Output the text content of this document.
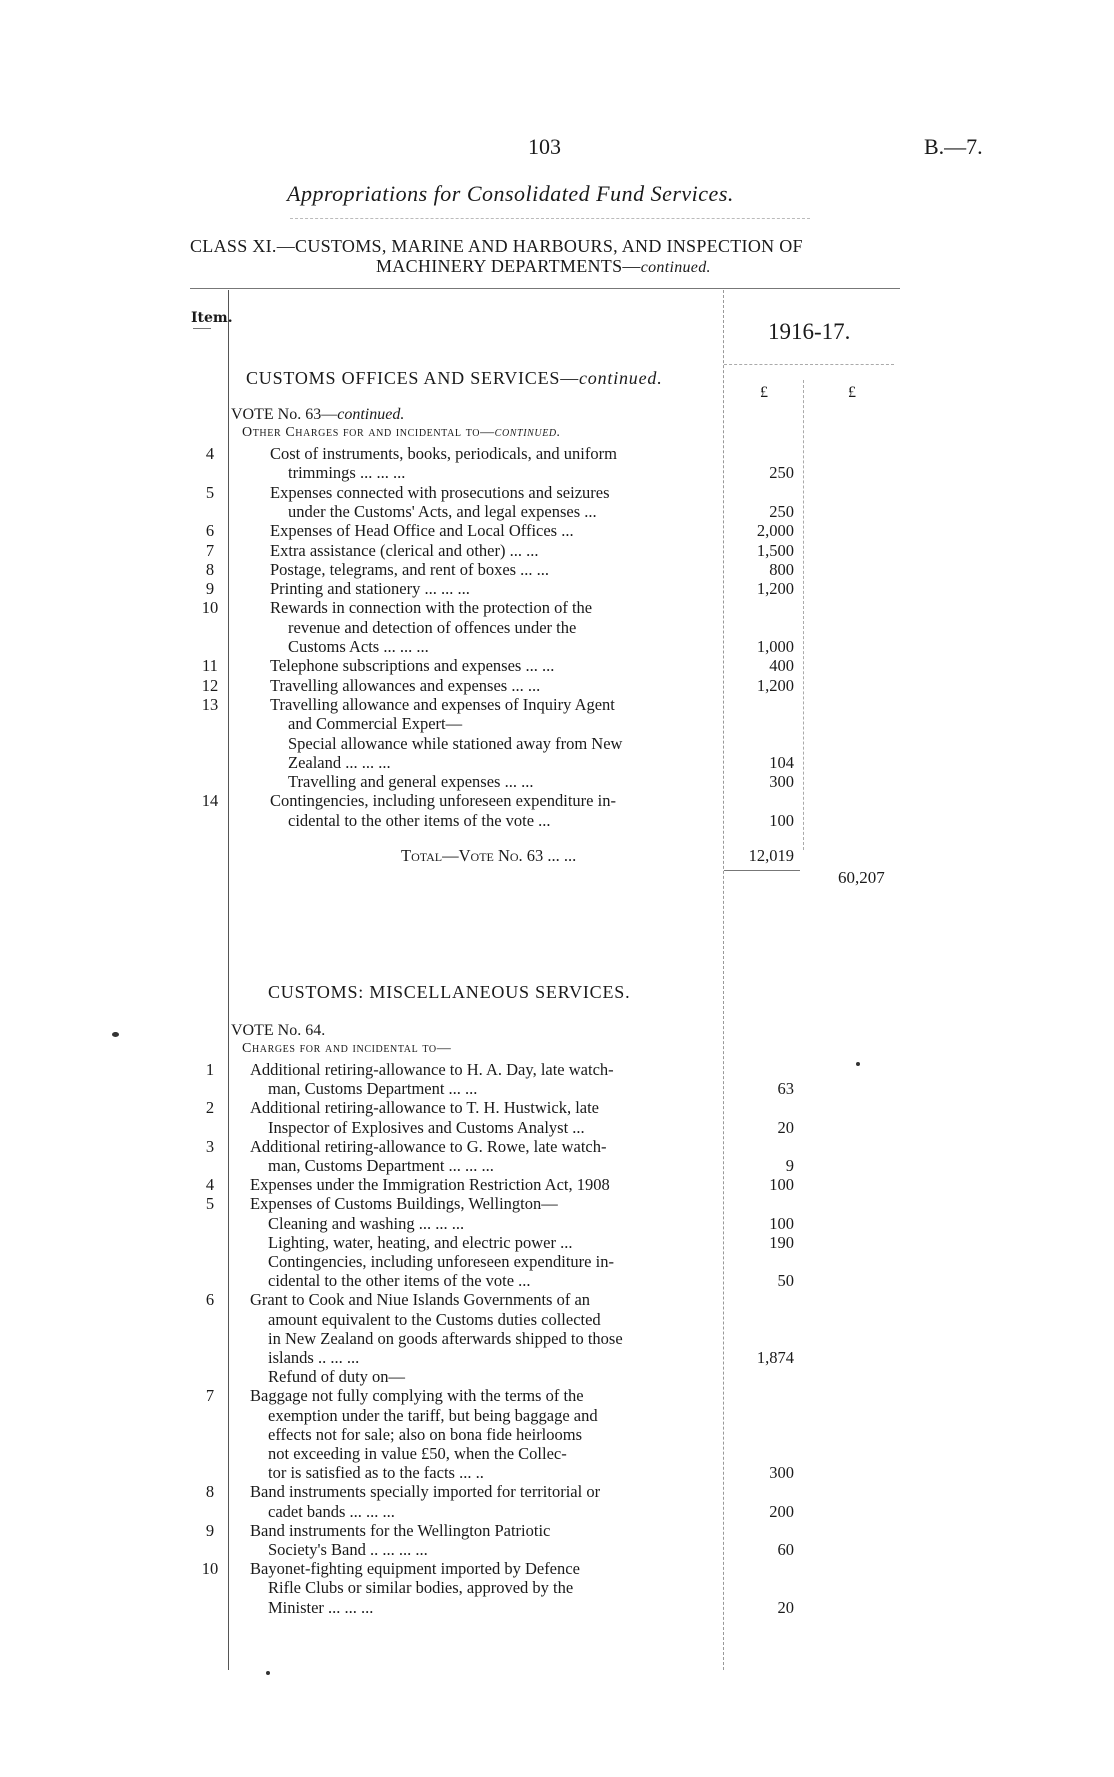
103	B.—7.
Appropriations for Consolidated Fund Services.
CLASS XI.—CUSTOMS, MARINE AND HARBOURS, AND INSPECTION OF
MACHINERY DEPARTMENTS—continued.
Item.
1916-17.
£	£
CUSTOMS OFFICES AND SERVICES—continued.
VOTE No. 63—continued.
Other Charges for and incidental to—continued.
4	Cost of instruments, books, periodicals, and uniform
trimmings ... ... ...	250
5	Expenses connected with prosecutions and seizures
under the Customs' Acts, and legal expenses ...	250
6	Expenses of Head Office and Local Offices ...	2,000
7	Extra assistance (clerical and other) ... ...	1,500
8	Postage, telegrams, and rent of boxes ... ...	800
9	Printing and stationery ... ... ...	1,200
10	Rewards in connection with the protection of the
revenue and detection of offences under the
Customs Acts ... ... ...	1,000
11	Telephone subscriptions and expenses ... ...	400
12	Travelling allowances and expenses ... ...	1,200
13	Travelling allowance and expenses of Inquiry Agent
and Commercial Expert—
Special allowance while stationed away from New
Zealand ... ... ...	104
Travelling and general expenses ... ...	300
14	Contingencies, including unforeseen expenditure in-
cidental to the other items of the vote ...	100
Total—Vote No. 63 ... ...	12,019
60,207
CUSTOMS: MISCELLANEOUS SERVICES.
VOTE No. 64.
Charges for and incidental to—
1	Additional retiring-allowance to H. A. Day, late watch-
man, Customs Department ... ...	63
2	Additional retiring-allowance to T. H. Hustwick, late
Inspector of Explosives and Customs Analyst ...	20
3	Additional retiring-allowance to G. Rowe, late watch-
man, Customs Department ... ... ...	9
4	Expenses under the Immigration Restriction Act, 1908	100
5	Expenses of Customs Buildings, Wellington—
Cleaning and washing ... ... ...	100
Lighting, water, heating, and electric power ...	190
Contingencies, including unforeseen expenditure in-
cidental to the other items of the vote ...	50
6	Grant to Cook and Niue Islands Governments of an
amount equivalent to the Customs duties collected
in New Zealand on goods afterwards shipped to those
islands .. ... ...	1,874
Refund of duty on—
7	Baggage not fully complying with the terms of the
exemption under the tariff, but being baggage and
effects not for sale; also on bona fide heirlooms
not exceeding in value £50, when the Collec-
tor is satisfied as to the facts ... ..	300
8	Band instruments specially imported for territorial or
cadet bands ... ... ...	200
9	Band instruments for the Wellington Patriotic
Society's Band .. ... ... ...	60
10 Bayonet-fighting equipment imported by Defence
Rifle Clubs or similar bodies, approved by the
Minister ... ... ...	20
